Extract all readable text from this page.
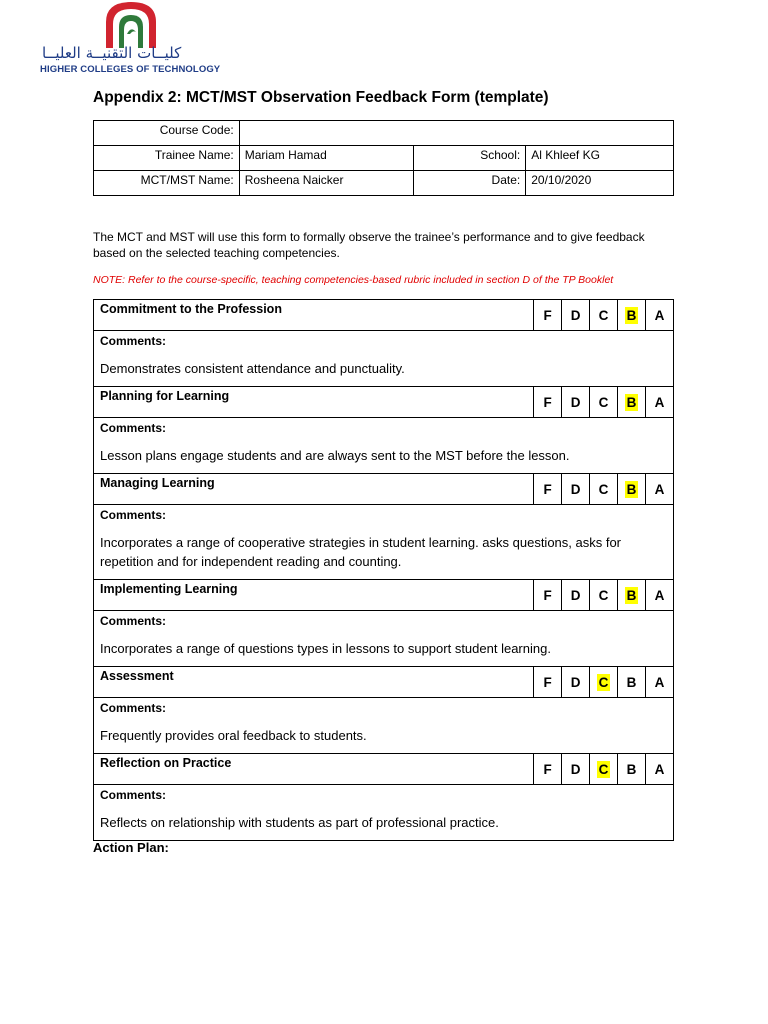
كليــات التقنيــة العليــا
HIGHER COLLEGES OF TECHNOLOGY
Appendix 2: MCT/MST Observation Feedback Form (template)
Course Code:			
Trainee Name:	Mariam Hamad	School:	Al Khleef KG
MCT/MST Name:	Rosheena Naicker	Date:	20/10/2020
The MCT and MST will use this form to formally observe the trainee’s performance and to give feedback based on the selected teaching competencies.
NOTE: Refer to the course-specific, teaching competencies-based rubric included in section D of the TP Booklet
Commitment to the Profession	F	D	C	B	A

Comments:
Demonstrates consistent attendance and punctuality.					

Planning for Learning	F	D	C	B	A

Comments:
Lesson plans engage students and are always sent to the MST before the lesson.					

Managing Learning	F	D	C	B	A

Comments:
Incorporates a range of cooperative strategies in student learning. asks questions, asks for repetition and for independent reading and counting.					

Implementing Learning	F	D	C	B	A

Comments:
Incorporates a range of questions types in lessons to support student learning.					

Assessment	F	D	C	B	A

Comments:
Frequently provides oral feedback to students.					

Reflection on Practice	F	D	C	B	A

Comments:
Reflects on relationship with students as part of professional practice.					
Action Plan:
